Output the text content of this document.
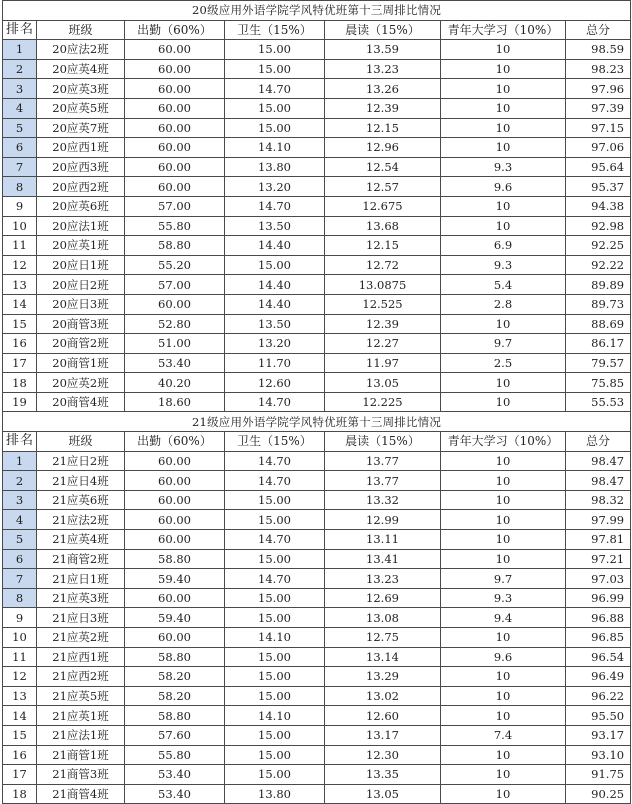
20级应用外语学院学风特优班第十三周排比情况						
排名	班级	出勤（60%）	卫生（15%）	晨读（15%）	青年大学习（10%）	总分
1	20应法2班	60.00	15.00	13.59	10	98.59
2	20应英4班	60.00	15.00	13.23	10	98.23
3	20应英3班	60.00	14.70	13.26	10	97.96
4	20应英5班	60.00	15.00	12.39	10	97.39
5	20应英7班	60.00	15.00	12.15	10	97.15
6	20应西1班	60.00	14.10	12.96	10	97.06
7	20应西3班	60.00	13.80	12.54	9.3	95.64
8	20应西2班	60.00	13.20	12.57	9.6	95.37
9	20应英6班	57.00	14.70	12.675	10	94.38
10	20应法1班	55.80	13.50	13.68	10	92.98
11	20应英1班	58.80	14.40	12.15	6.9	92.25
12	20应日1班	55.20	15.00	12.72	9.3	92.22
13	20应日2班	57.00	14.40	13.0875	5.4	89.89
14	20应日3班	60.00	14.40	12.525	2.8	89.73
15	20商管3班	52.80	13.50	12.39	10	88.69
16	20商管2班	51.00	13.20	12.27	9.7	86.17
17	20商管1班	53.40	11.70	11.97	2.5	79.57
18	20应英2班	40.20	12.60	13.05	10	75.85
19	20商管4班	18.60	14.70	12.225	10	55.53
21级应用外语学院学风特优班第十三周排比情况						
排名	班级	出勤（60%）	卫生（15%）	晨读（15%）	青年大学习（10%）	总分
1	21应日2班	60.00	14.70	13.77	10	98.47
2	21应日4班	60.00	14.70	13.77	10	98.47
3	21应英6班	60.00	15.00	13.32	10	98.32
4	21应法2班	60.00	15.00	12.99	10	97.99
5	21应英4班	60.00	14.70	13.11	10	97.81
6	21商管2班	58.80	15.00	13.41	10	97.21
7	21应日1班	59.40	14.70	13.23	9.7	97.03
8	21应英3班	60.00	15.00	12.69	9.3	96.99
9	21应日3班	59.40	15.00	13.08	9.4	96.88
10	21应英2班	60.00	14.10	12.75	10	96.85
11	21应西1班	58.80	15.00	13.14	9.6	96.54
12	21应西2班	58.20	15.00	13.29	10	96.49
13	21应英5班	58.20	15.00	13.02	10	96.22
14	21应英1班	58.80	14.10	12.60	10	95.50
15	21应法1班	57.60	15.00	13.17	7.4	93.17
16	21商管1班	55.80	15.00	12.30	10	93.10
17	21商管3班	53.40	15.00	13.35	10	91.75
18	21商管4班	53.40	13.80	13.05	10	90.25
